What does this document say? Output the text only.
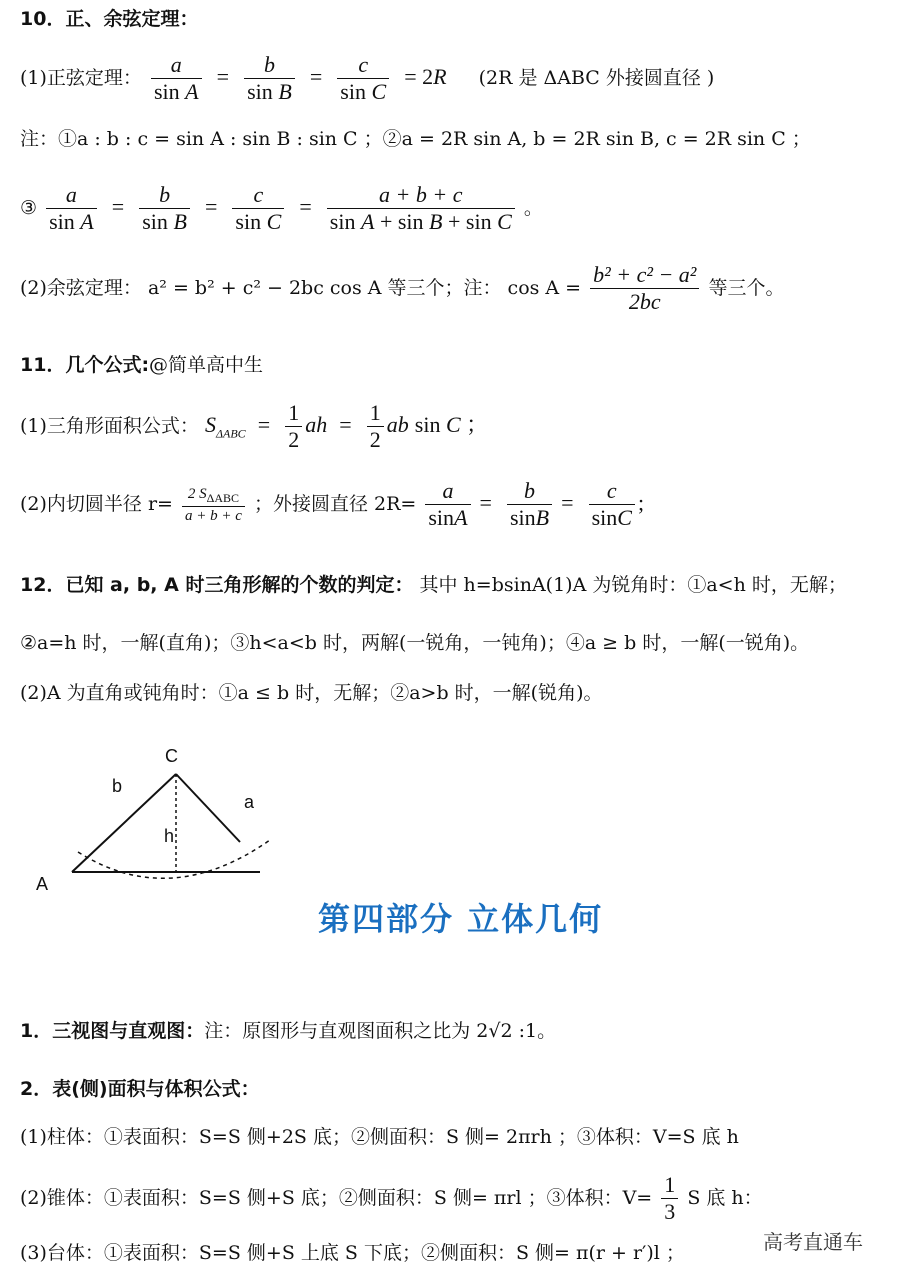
10．正、余弦定理：
(1)正弦定理： $\frac{a}{\text{sin A}} = \frac{b}{\text{sin B}} = \frac{c}{\text{sin C}} = 2R$ (2R 是 ΔABC 外接圆直径 )
注：①a : b : c = sin A : sin B : sin C ；②a = 2R sin A, b = 2R sin B, c = 2R sin C ；
③ $\frac{a}{\text{sin A}} = \frac{b}{\text{sin B}} = \frac{c}{\text{sin C}} = \frac{a + b + c}{\text{sin A + sin B + sin C}}$ 。
(2)余弦定理： a² = b² + c² − 2bc cos A 等三个；注： $\cos A = \frac{\text{b² + c² − a²}}{2bc}$ 等三个。
11．几个公式:@简单高中生
(1)三角形面积公式： $S_{\Delta ABC} = \frac{1}{2}$ ah = $\frac{1}{2}$ ab sin C ；
(2)内切圆半径 $r= \frac{2 S_{\Delta ABC}}{a + b + c}$ ；外接圆直径 $2R= \frac{a}{\sin A} = \frac{b}{\sin B} = \frac{c}{\sin C}$ ;
12．已知 a, b, A 时三角形解的个数的判定： 其中 h=bsinA(1)A 为锐角时：①a<h 时，无解；
②a=h 时，一解(直角)；③h<a<b 时，两解(一锐角，一钝角)；④a ≥ b 时，一解(一锐角)。
(2)A 为直角或钝角时：①a ≤ b 时，无解；②a>b 时，一解(锐角)。
A
C
b
a
h
第四部分 立体几何
1．三视图与直观图：注：原图形与直观图面积之比为 2√2 :1。
2．表(侧)面积与体积公式：
(1)柱体：①表面积：S=S 侧+2S 底；②侧面积：S 侧= 2πrh ；③体积：V=S 底 h
(2)锥体：①表面积：S=S 侧+S 底；②侧面积：S 侧= πrl ；③体积：$V= \frac{1}{3}$ S 底 h：
(3)台体：①表面积：S=S 侧+S 上底 S 下底；②侧面积：S 侧= π(r + r′)l ；	高考直通车
